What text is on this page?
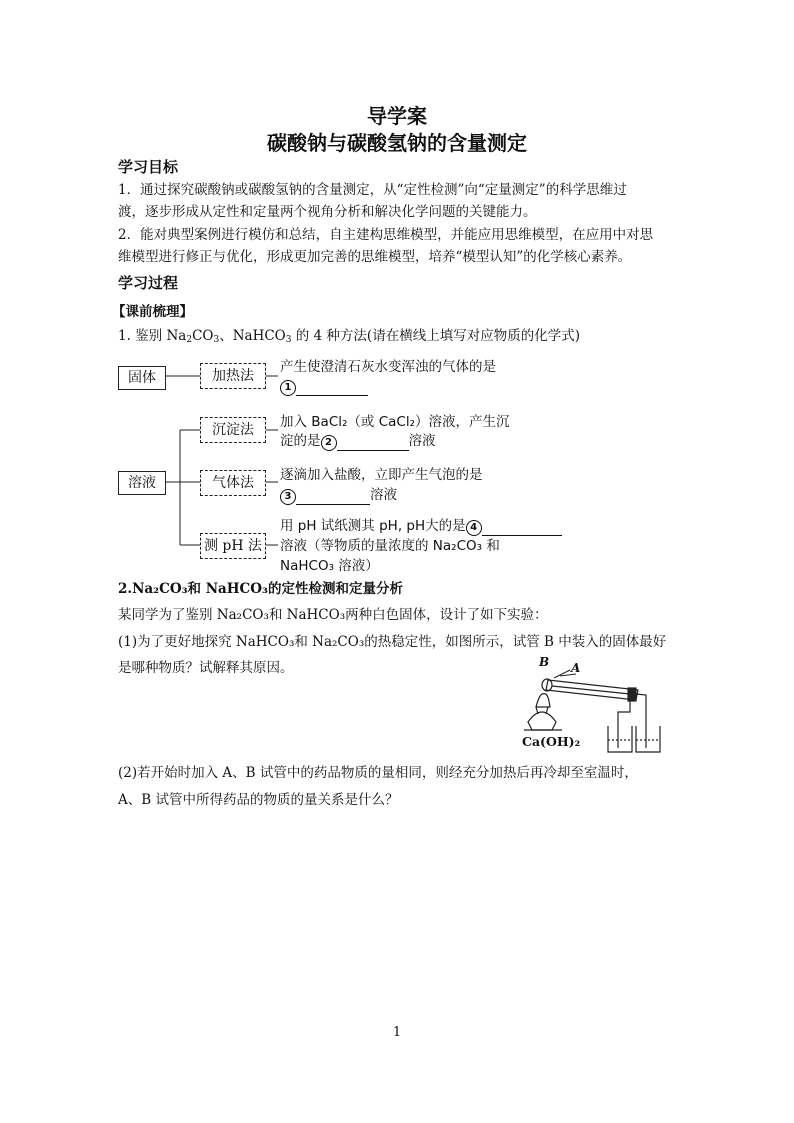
导学案
碳酸钠与碳酸氢钠的含量测定
学习目标
1．通过探究碳酸钠或碳酸氢钠的含量测定，从“定性检测”向“定量测定”的科学思维过
渡，逐步形成从定性和定量两个视角分析和解决化学问题的关键能力。
2．能对典型案例进行模仿和总结，自主建构思维模型，并能应用思维模型，在应用中对思
维模型进行修正与优化，形成更加完善的思维模型，培养“模型认知”的化学核心素养。
学习过程
【课前梳理】
1. 鉴别 $Na_2CO_3$、NaHCO$_3$ 的 4 种方法(请在横线上填写对应物质的化学式)
固体
溶液
加热法
沉淀法
气体法
测 pH 法
产生使澄清石灰水变浑浊的气体的是
1
加入 BaCl₂（或 CaCl₂）溶液，产生沉
淀的是 2	溶液
逐滴加入盐酸，立即产生气泡的是
3	溶液
用 pH 试纸测其 pH, pH大的是 4
溶液（等物质的量浓度的 Na₂CO₃ 和
NaHCO₃ 溶液）
2.Na₂CO₃和 NaHCO₃的定性检测和定量分析
某同学为了鉴别 Na₂CO₃和 NaHCO₃两种白色固体，设计了如下实验：
(1)为了更好地探究 NaHCO₃和 Na₂CO₃的热稳定性，如图所示，试管 B 中装入的固体最好
是哪种物质？试解释其原因。	B A
Ca(OH)₂
(2)若开始时加入 A、B 试管中的药品物质的量相同，则经充分加热后再冷却至室温时，
A、B 试管中所得药品的物质的量关系是什么？
1
